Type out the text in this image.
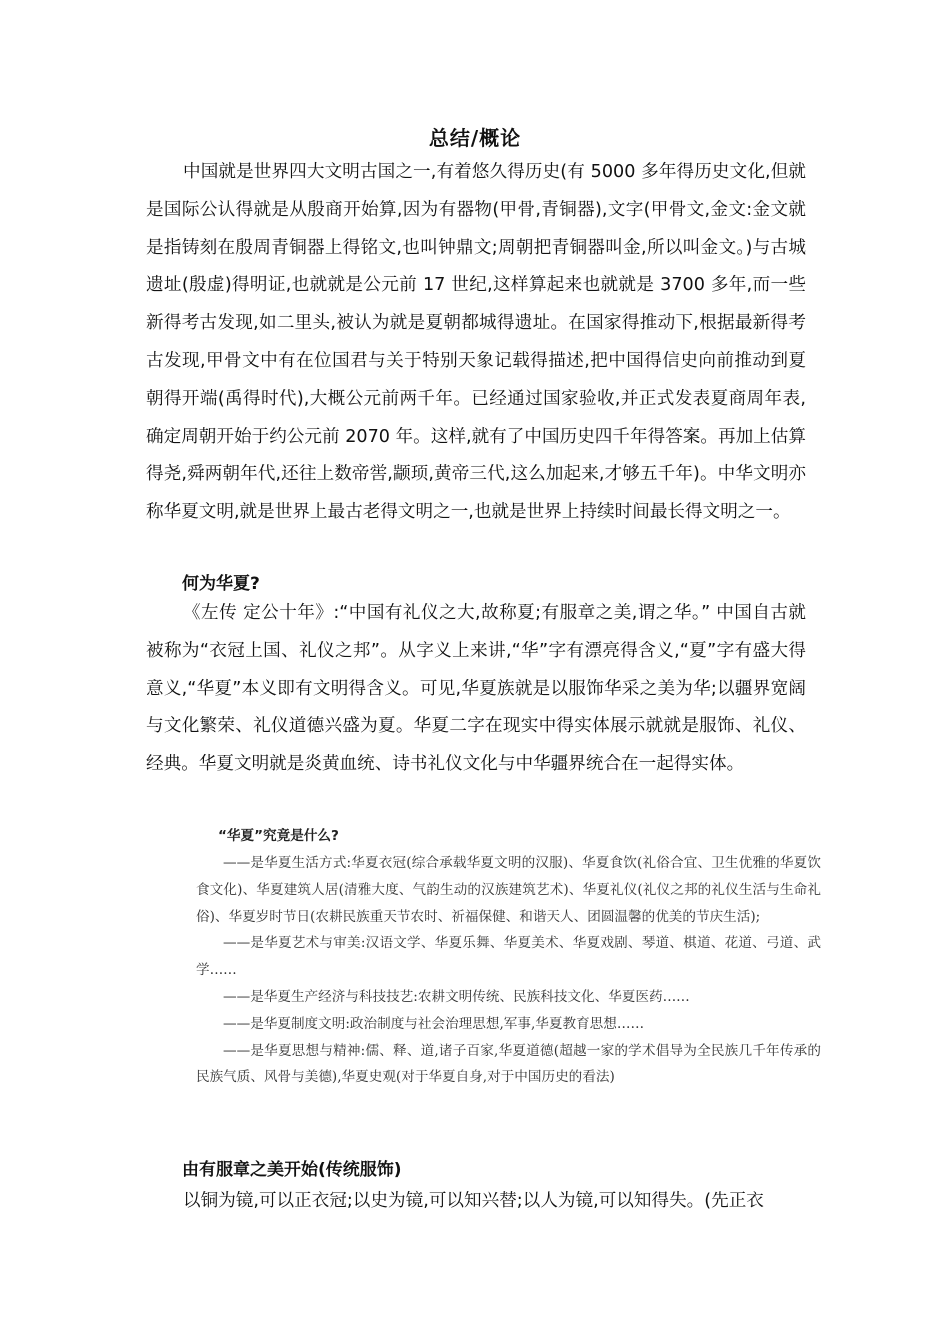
总结/概论
中国就是世界四大文明古国之一,有着悠久得历史(有 5000 多年得历史文化,但就是国际公认得就是从殷商开始算,因为有器物(甲骨,青铜器),文字(甲骨文,金文:金文就是指铸刻在殷周青铜器上得铭文,也叫钟鼎文;周朝把青铜器叫金,所以叫金文。)与古城遗址(殷虚)得明证,也就就是公元前 17 世纪,这样算起来也就就是 3700 多年,而一些新得考古发现,如二里头,被认为就是夏朝都城得遗址。在国家得推动下,根据最新得考古发现,甲骨文中有在位国君与关于特别天象记载得描述,把中国得信史向前推动到夏朝得开端(禹得时代),大概公元前两千年。已经通过国家验收,并正式发表夏商周年表,确定周朝开始于约公元前 2070 年。这样,就有了中国历史四千年得答案。再加上估算得尧,舜两朝年代,还往上数帝喾,颛顼,黄帝三代,这么加起来,才够五千年)。中华文明亦称华夏文明,就是世界上最古老得文明之一,也就是世界上持续时间最长得文明之一。
何为华夏?
《左传 定公十年》:“中国有礼仪之大,故称夏;有服章之美,谓之华。” 中国自古就被称为“衣冠上国、礼仪之邦”。从字义上来讲,“华”字有漂亮得含义,“夏”字有盛大得意义,“华夏”本义即有文明得含义。可见,华夏族就是以服饰华采之美为华;以疆界宽阔与文化繁荣、礼仪道德兴盛为夏。华夏二字在现实中得实体展示就就是服饰、礼仪、经典。华夏文明就是炎黄血统、诗书礼仪文化与中华疆界统合在一起得实体。

“华夏”究竟是什么?

——是华夏生活方式:华夏衣冠(综合承载华夏文明的汉服)、华夏食饮(礼俗合宜、卫生优雅的华夏饮食文化)、华夏建筑人居(清雅大度、气韵生动的汉族建筑艺术)、华夏礼仪(礼仪之邦的礼仪生活与生命礼俗)、华夏岁时节日(农耕民族重天节农时、祈福保健、和谐天人、团圆温馨的优美的节庆生活);

——是华夏艺术与审美:汉语文学、华夏乐舞、华夏美术、华夏戏剧、琴道、棋道、花道、弓道、武学……

——是华夏生产经济与科技技艺:农耕文明传统、民族科技文化、华夏医药……

——是华夏制度文明:政治制度与社会治理思想,军事,华夏教育思想……

——是华夏思想与精神:儒、释、道,诸子百家,华夏道德(超越一家的学术倡导为全民族几千年传承的民族气质、风骨与美德),华夏史观(对于华夏自身,对于中国历史的看法)

由有服章之美开始(传统服饰)
以铜为镜,可以正衣冠;以史为镜,可以知兴替;以人为镜,可以知得失。(先正衣
